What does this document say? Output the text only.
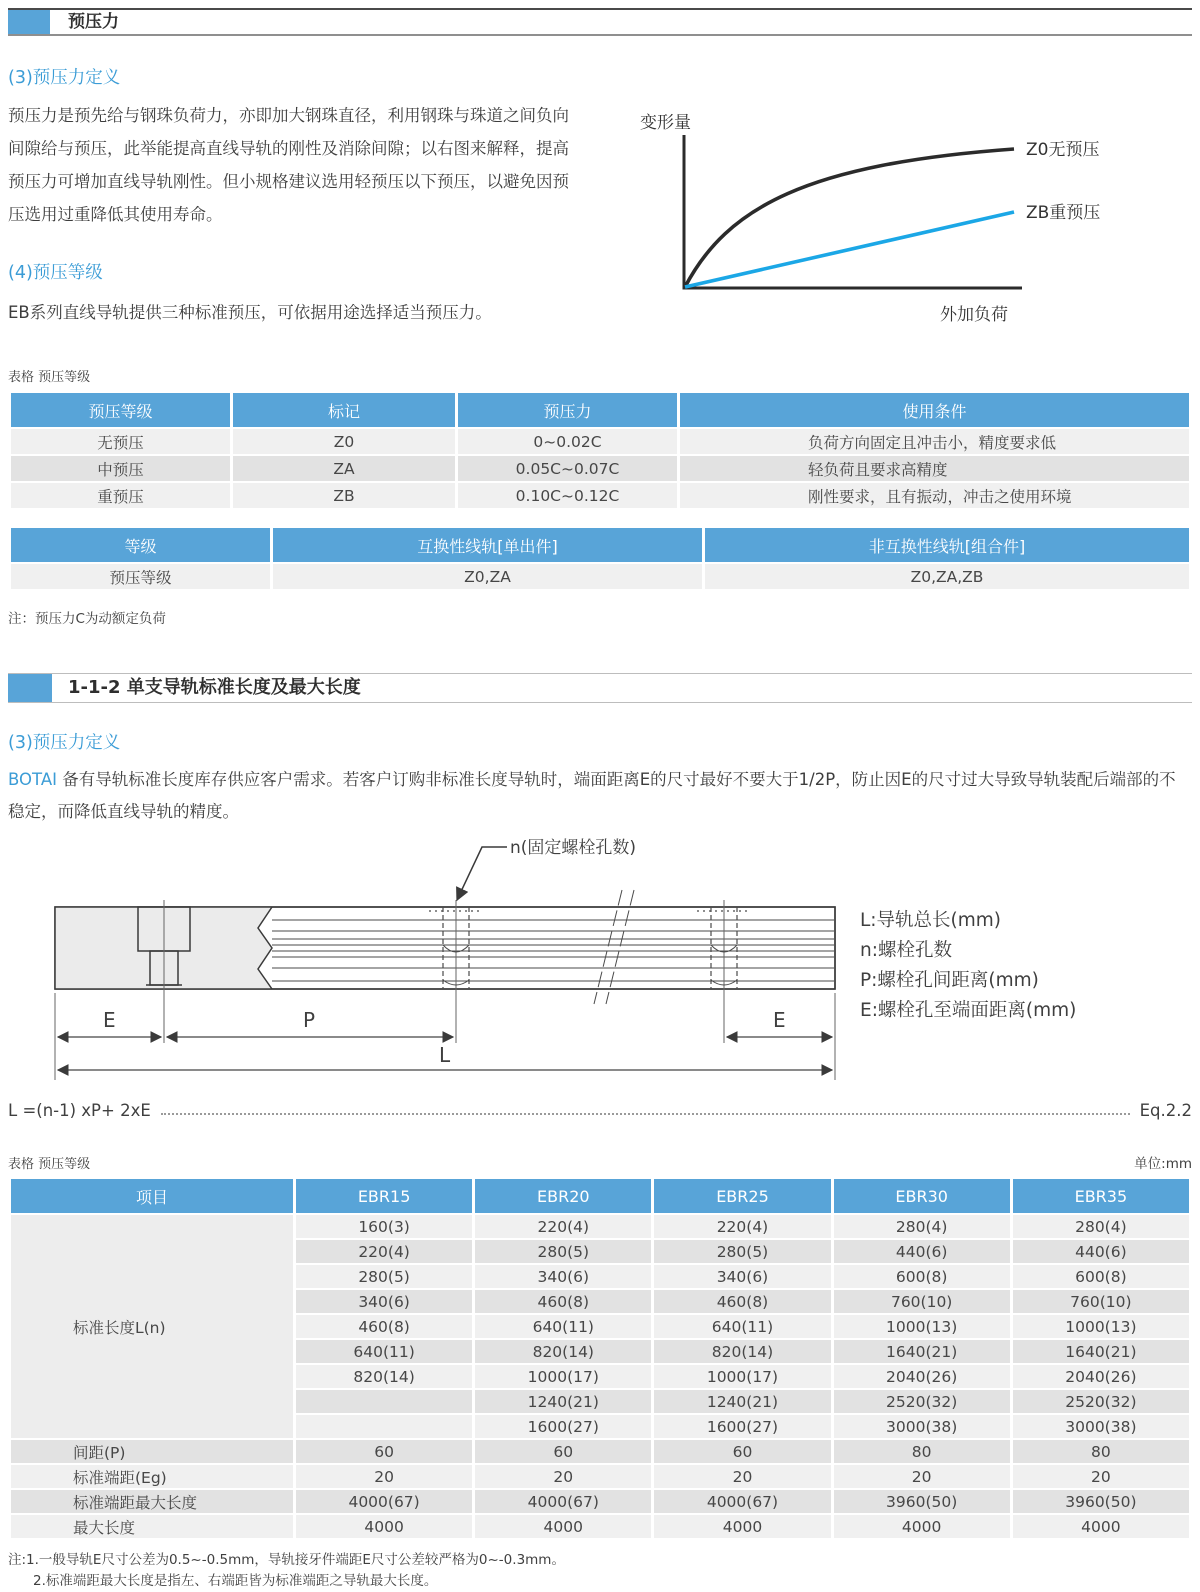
预压力
(3)预压力定义
预压力是预先给与钢珠负荷力，亦即加大钢珠直径，利用钢珠与珠道之间负向间隙给与预压，此举能提高直线导轨的刚性及消除间隙；以右图来解释，提高预压力可增加直线导轨刚性。但小规格建议选用轻预压以下预压，以避免因预压选用过重降低其使用寿命。
(4)预压等级
EB系列直线导轨提供三种标准预压，可依据用途选择适当预压力。
变形量
Z0无预压
ZB重预压
外加负荷
表格 预压等级
预压等级	标记	预压力	使用条件
无预压	Z0	0~0.02C	负荷方向固定且冲击小，精度要求低
中预压	ZA	0.05C~0.07C	轻负荷且要求高精度
重预压	ZB	0.10C~0.12C	刚性要求，且有振动，冲击之使用环境
等级	互换性线轨[单出件]	非互换性线轨[组合件]
预压等级	Z0,ZA	Z0,ZA,ZB
注：预压力C为动额定负荷
1-1-2 单支导轨标准长度及最大长度
(3)预压力定义
BOTAI 备有导轨标准长度库存供应客户需求。若客户订购非标准长度导轨时，端面距离E的尺寸最好不要大于1/2P，防止因E的尺寸过大导致导轨装配后端部的不稳定，而降低直线导轨的精度。
n(固定螺栓孔数)
E	P	E
L
L:导轨总长(mm)
n:螺栓孔数
P:螺栓孔间距离(mm)
E:螺栓孔至端面距离(mm)
L =(n-1) xP+ 2xE	Eq.2.2
表格 预压等级	单位:mm
项目	EBR15	EBR20	EBR25	EBR30	EBR35
标准长度L(n)	160(3)	220(4)	220(4)	280(4)	280(4)
	220(4)	280(5)	280(5)	440(6)	440(6)
	280(5)	340(6)	340(6)	600(8)	600(8)
	340(6)	460(8)	460(8)	760(10)	760(10)
	460(8)	640(11)	640(11)	1000(13)	1000(13)
	640(11)	820(14)	820(14)	1640(21)	1640(21)
	820(14)	1000(17)	1000(17)	2040(26)	2040(26)
		1240(21)	1240(21)	2520(32)	2520(32)
		1600(27)	1600(27)	3000(38)	3000(38)
间距(P)	60	60	60	80	80
标准端距(Eg)	20	20	20	20	20
标准端距最大长度	4000(67)	4000(67)	4000(67)	3960(50)	3960(50)
最大长度	4000	4000	4000	4000	4000
注:1.一般导轨E尺寸公差为0.5~-0.5mm，导轨接牙件端距E尺寸公差较严格为0~-0.3mm。
2.标准端距最大长度是指左、右端距皆为标准端距之导轨最大长度。
